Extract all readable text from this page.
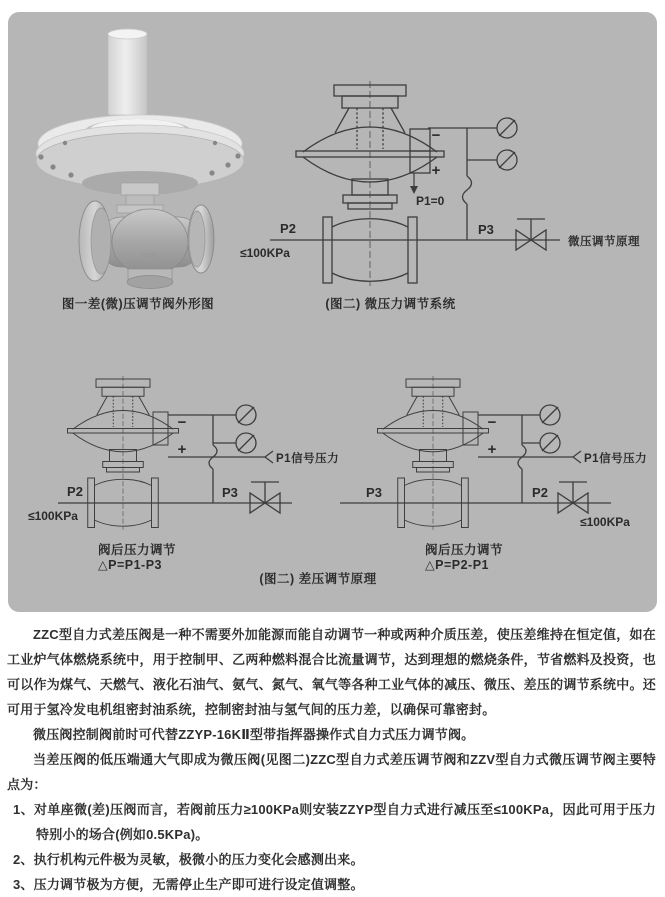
−
+
P1=0
P2
≤100KPa
P3
微压调节原理
−
+
P1信号压力
P2
≤100KPa
P3
−
+
P1信号压力
P3	P2
≤100KPa
图一差(微)压调节阀外形图	(图二) 微压力调节系统
阀后压力调节
△P=P1-P3
阀后压力调节
△P=P2-P1
(图二) 差压调节原理

ZZC型自力式差压阀是一种不需要外加能源而能自动调节一种或两种介质压差，使压差维持在恒定值，如在工业炉气体燃烧系统中，用于控制甲、乙两种燃料混合比流量调节，达到理想的燃烧条件，节省燃料及投资，也可以作为煤气、天燃气、液化石油气、氨气、氮气、氧气等各种工业气体的减压、微压、差压的调节系统中。还可用于氢冷发电机组密封油系统，控制密封油与氢气间的压力差，以确保可靠密封。

微压阀控制阀前时可代替ZZYP-16KⅡ型带指挥器操作式自力式压力调节阀。

当差压阀的低压端通大气即成为微压阀(见图二)ZZC型自力式差压调节阀和ZZV型自力式微压调节阀主要特点为：

1、对单座微(差)压阀而言，若阀前压力≥100KPa则安装ZZYP型自力式进行减压至≤100KPa，因此可用于压力特别小的场合(例如0.5KPa)。
2、执行机构元件极为灵敏，极微小的压力变化会感测出来。
3、压力调节极为方便，无需停止生产即可进行设定值调整。
